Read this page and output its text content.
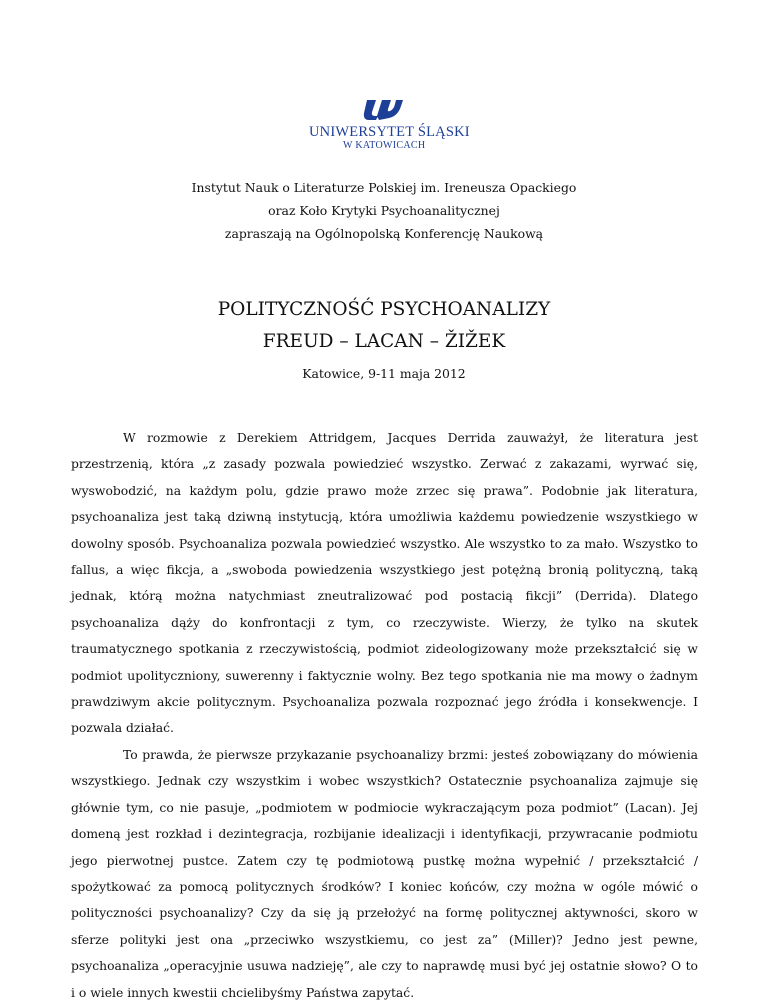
UNIWERSYTET ŚLĄSKI
W KATOWICACH
Instytut Nauk o Literaturze Polskiej im. Ireneusza Opackiego
oraz Koło Krytyki Psychoanalitycznej
zapraszają na Ogólnopolską Konferencję Naukową
POLITYCZNOŚĆ PSYCHOANALIZY
FREUD – LACAN – ŽIŽEK
Katowice, 9-11 maja 2012

W rozmowie z Derekiem Attridgem, Jacques Derrida zauważył, że literatura jest przestrzenią, która „z zasady pozwala powiedzieć wszystko. Zerwać z zakazami, wyrwać się, wyswobodzić, na każdym polu, gdzie prawo może zrzec się prawa”. Podobnie jak literatura, psychoanaliza jest taką dziwną instytucją, która umożliwia każdemu powiedzenie wszystkiego w dowolny sposób. Psychoanaliza pozwala powiedzieć wszystko. Ale wszystko to za mało. Wszystko to fallus, a więc fikcja, a „swoboda powiedzenia wszystkiego jest potężną bronią polityczną, taką jednak, którą można natychmiast zneutralizować pod postacią fikcji” (Derrida). Dlatego psychoanaliza dąży do konfrontacji z tym, co rzeczywiste. Wierzy, że tylko na skutek traumatycznego spotkania z rzeczywistością, podmiot zideologizowany może przekształcić się w podmiot upolityczniony, suwerenny i faktycznie wolny. Bez tego spotkania nie ma mowy o żadnym prawdziwym akcie politycznym. Psychoanaliza pozwala rozpoznać jego źródła i konsekwencje. I pozwala działać.

To prawda, że pierwsze przykazanie psychoanalizy brzmi: jesteś zobowiązany do mówienia wszystkiego. Jednak czy wszystkim i wobec wszystkich? Ostatecznie psychoanaliza zajmuje się głównie tym, co nie pasuje, „podmiotem w podmiocie wykraczającym poza podmiot” (Lacan). Jej domeną jest rozkład i dezintegracja, rozbijanie idealizacji i identyfikacji, przywracanie podmiotu jego pierwotnej pustce. Zatem czy tę podmiotową pustkę można wypełnić / przekształcić / spożytkować za pomocą politycznych środków? I koniec końców, czy można w ogóle mówić o polityczności psychoanalizy? Czy da się ją przełożyć na formę politycznej aktywności, skoro w sferze polityki jest ona „przeciwko wszystkiemu, co jest za” (Miller)? Jedno jest pewne, psychoanaliza „operacyjnie usuwa nadzieję”, ale czy to naprawdę musi być jej ostatnie słowo? O to i o wiele innych kwestii chcielibyśmy Państwa zapytać.
